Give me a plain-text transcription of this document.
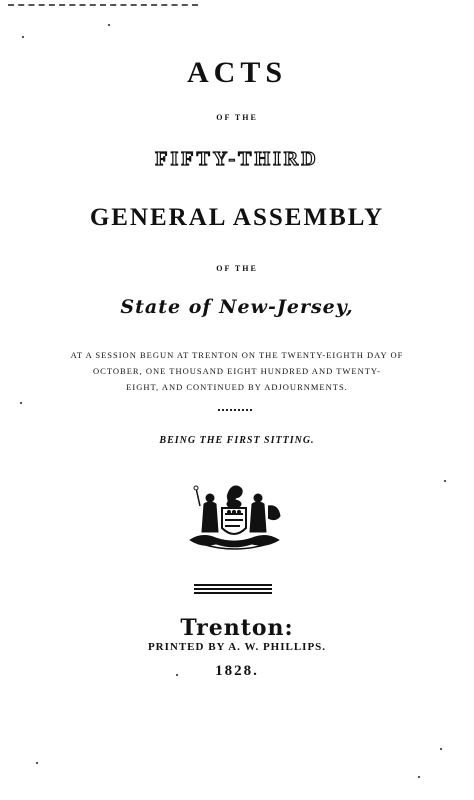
ACTS
OF THE
FIFTY-THIRD
GENERAL ASSEMBLY
OF THE
State of New-Jersey,
AT A SESSION BEGUN AT TRENTON ON THE TWENTY-EIGHTH DAY OF
OCTOBER, ONE THOUSAND EIGHT HUNDRED AND TWENTY-
EIGHT, AND CONTINUED BY ADJOURNMENTS.
BEING THE FIRST SITTING.
Trenton:
PRINTED BY A. W. PHILLIPS.
1828.
